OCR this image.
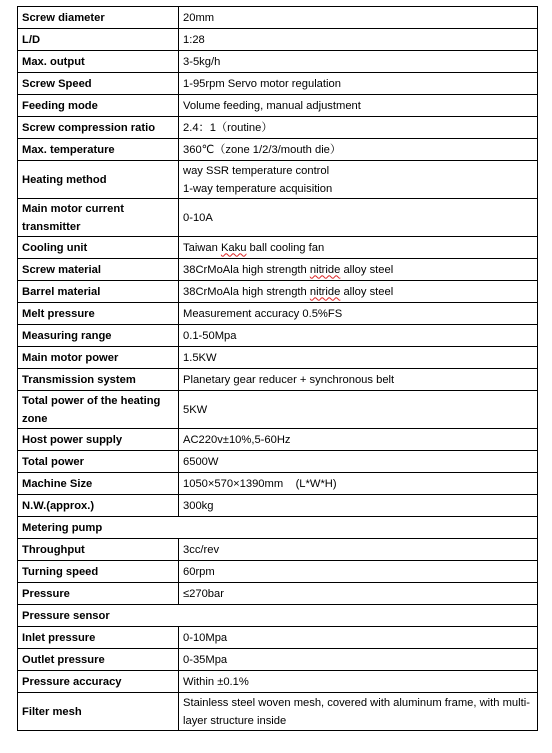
Screw diameter	20mm
L/D	1:28
Max. output	3-5kg/h
Screw Speed	1-95rpm Servo motor regulation
Feeding mode	Volume feeding, manual adjustment
Screw compression ratio	2.4：1（routine）
Max. temperature	360℃（zone 1/2/3/mouth die）
Heating method	way SSR temperature control
1-way temperature acquisition

Main motor current transmitter	0-10A
Cooling unit	Taiwan Kaku ball cooling fan
Screw material	38CrMoAla high strength nitride alloy steel
Barrel material	38CrMoAla high strength nitride alloy steel
Melt pressure	Measurement accuracy 0.5%FS
Measuring range	0.1-50Mpa
Main motor power	1.5KW
Transmission system	Planetary gear reducer + synchronous belt
Total power of the heating zone	5KW
Host power supply	AC220v±10%,5-60Hz
Total power	6500W
Machine Size	1050×570×1390mm    (L*W*H)
N.W.(approx.)	300kg
Metering pump	
Throughput	3cc/rev
Turning speed	60rpm
Pressure	≤270bar
Pressure sensor	
Inlet pressure	0-10Mpa
Outlet pressure	0-35Mpa
Pressure accuracy	Within ±0.1%
Filter mesh	Stainless steel woven mesh, covered with aluminum frame, with multi-layer structure inside
